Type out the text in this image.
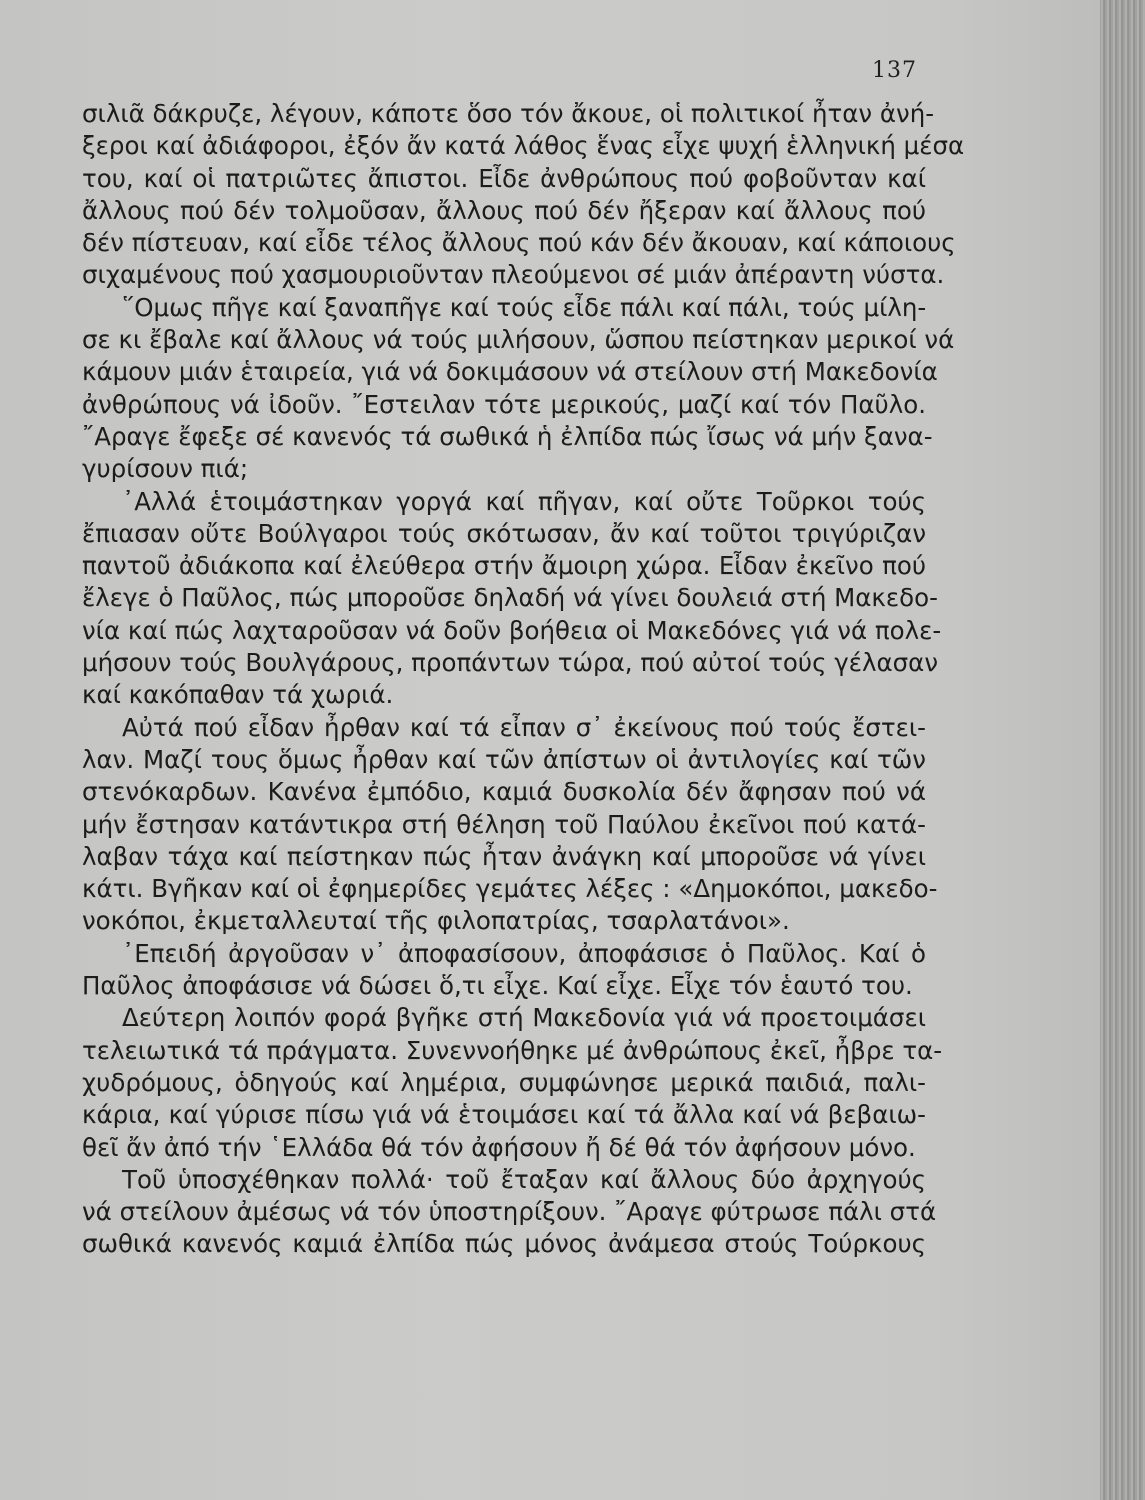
137
σιλιᾶ δάκρυζε, λέγουν, κάποτε ὅσο τόν ἄκουε, οἱ πολιτικοί ἦταν ἀνή-
ξεροι καί ἀδιάφοροι, ἐξόν ἄν κατά λάθος ἕνας εἶχε ψυχή ἑλληνική μέσα
του, καί οἱ πατριῶτες ἄπιστοι. Εἶδε ἀνθρώπους πού φοβοῦνταν καί
ἄλλους πού δέν τολμοῦσαν, ἄλλους πού δέν ἤξεραν καί ἄλλους πού
δέν πίστευαν, καί εἶδε τέλος ἄλλους πού κάν δέν ἄκουαν, καί κάποιους
σιχαμένους πού χασμουριοῦνταν πλεούμενοι σέ μιάν ἀπέραντη νύστα.
῞Ομως πῆγε καί ξαναπῆγε καί τούς εἶδε πάλι καί πάλι, τούς μίλη-
σε κι ἔβαλε καί ἄλλους νά τούς μιλήσουν, ὥσπου πείστηκαν μερικοί νά
κάμουν μιάν ἑταιρεία, γιά νά δοκιμάσουν νά στείλουν στή Μακεδονία
ἀνθρώπους νά ἰδοῦν. ῎Εστειλαν τότε μερικούς, μαζί καί τόν Παῦλο.
῎Αραγε ἔφεξε σέ κανενός τά σωθικά ἡ ἐλπίδα πώς ἴσως νά μήν ξανα-
γυρίσουν πιά;
᾿Αλλά ἑτοιμάστηκαν γοργά καί πῆγαν, καί οὔτε Τοῦρκοι τούς
ἔπιασαν οὔτε Βούλγαροι τούς σκότωσαν, ἄν καί τοῦτοι τριγύριζαν
παντοῦ ἀδιάκοπα καί ἐλεύθερα στήν ἄμοιρη χώρα. Εἶδαν ἐκεῖνο πού
ἔλεγε ὁ Παῦλος, πώς μποροῦσε δηλαδή νά γίνει δουλειά στή Μακεδο-
νία καί πώς λαχταροῦσαν νά δοῦν βοήθεια οἱ Μακεδόνες γιά νά πολε-
μήσουν τούς Βουλγάρους, προπάντων τώρα, πού αὐτοί τούς γέλασαν
καί κακόπαθαν τά χωριά.
Αὐτά πού εἶδαν ἦρθαν καί τά εἶπαν σ᾿ ἐκείνους πού τούς ἔστει-
λαν. Μαζί τους ὅμως ἦρθαν καί τῶν ἀπίστων οἱ ἀντιλογίες καί τῶν
στενόκαρδων. Κανένα ἐμπόδιο, καμιά δυσκολία δέν ἄφησαν πού νά
μήν ἔστησαν κατάντικρα στή θέληση τοῦ Παύλου ἐκεῖνοι πού κατά-
λαβαν τάχα καί πείστηκαν πώς ἦταν ἀνάγκη καί μποροῦσε νά γίνει
κάτι. Βγῆκαν καί οἱ ἐφημερίδες γεμάτες λέξες : «Δημοκόποι, μακεδο-
νοκόποι, ἐκμεταλλευταί τῆς φιλοπατρίας, τσαρλατάνοι».
᾿Επειδή ἀργοῦσαν ν᾿ ἀποφασίσουν, ἀποφάσισε ὁ Παῦλος. Καί ὁ
Παῦλος ἀποφάσισε νά δώσει ὅ,τι εἶχε. Καί εἶχε. Εἶχε τόν ἑαυτό του.
Δεύτερη λοιπόν φορά βγῆκε στή Μακεδονία γιά νά προετοιμάσει
τελειωτικά τά πράγματα. Συνεννοήθηκε μέ ἀνθρώπους ἐκεῖ, ἦβρε τα-
χυδρόμους, ὁδηγούς καί λημέρια, συμφώνησε μερικά παιδιά, παλι-
κάρια, καί γύρισε πίσω γιά νά ἑτοιμάσει καί τά ἄλλα καί νά βεβαιω-
θεῖ ἄν ἀπό τήν ῾Ελλάδα θά τόν ἀφήσουν ἤ δέ θά τόν ἀφήσουν μόνο.
Τοῦ ὑποσχέθηκαν πολλά· τοῦ ἔταξαν καί ἄλλους δύο ἀρχηγούς
νά στείλουν ἀμέσως νά τόν ὑποστηρίξουν. ῎Αραγε φύτρωσε πάλι στά
σωθικά κανενός καμιά ἐλπίδα πώς μόνος ἀνάμεσα στούς Τούρκους
